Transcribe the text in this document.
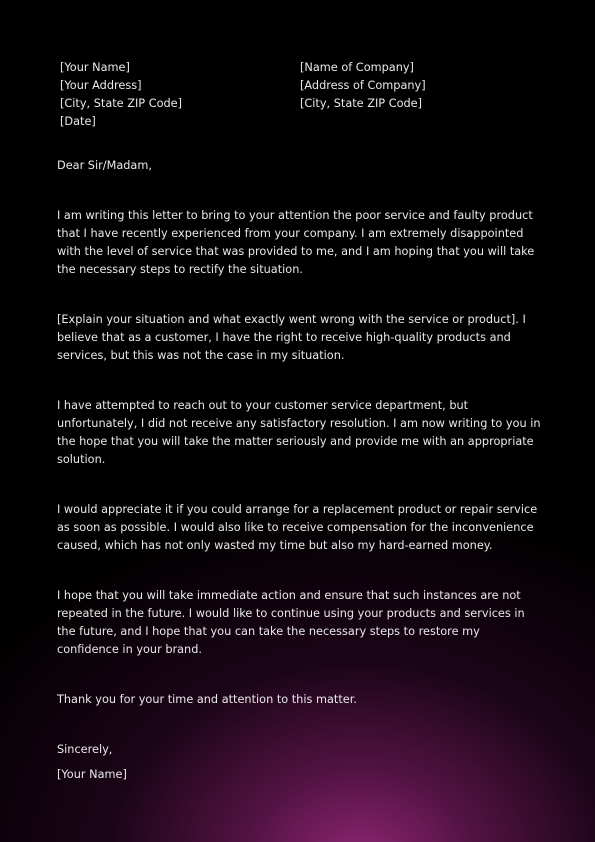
[Your Name]
[Your Address]
[City, State ZIP Code]
[Date]
[Name of Company]
[Address of Company]
[City, State ZIP Code]

Dear Sir/Madam,

I am writing this letter to bring to your attention the poor service and faulty product that I have recently experienced from your company. I am extremely disappointed with the level of service that was provided to me, and I am hoping that you will take the necessary steps to rectify the situation.

[Explain your situation and what exactly went wrong with the service or product]. I believe that as a customer, I have the right to receive high-quality products and services, but this was not the case in my situation.

I have attempted to reach out to your customer service department, but unfortunately, I did not receive any satisfactory resolution. I am now writing to you in the hope that you will take the matter seriously and provide me with an appropriate solution.

I would appreciate it if you could arrange for a replacement product or repair service as soon as possible. I would also like to receive compensation for the inconvenience caused, which has not only wasted my time but also my hard-earned money.

I hope that you will take immediate action and ensure that such instances are not repeated in the future. I would like to continue using your products and services in the future, and I hope that you can take the necessary steps to restore my confidence in your brand.

Thank you for your time and attention to this matter.

Sincerely,

[Your Name]
